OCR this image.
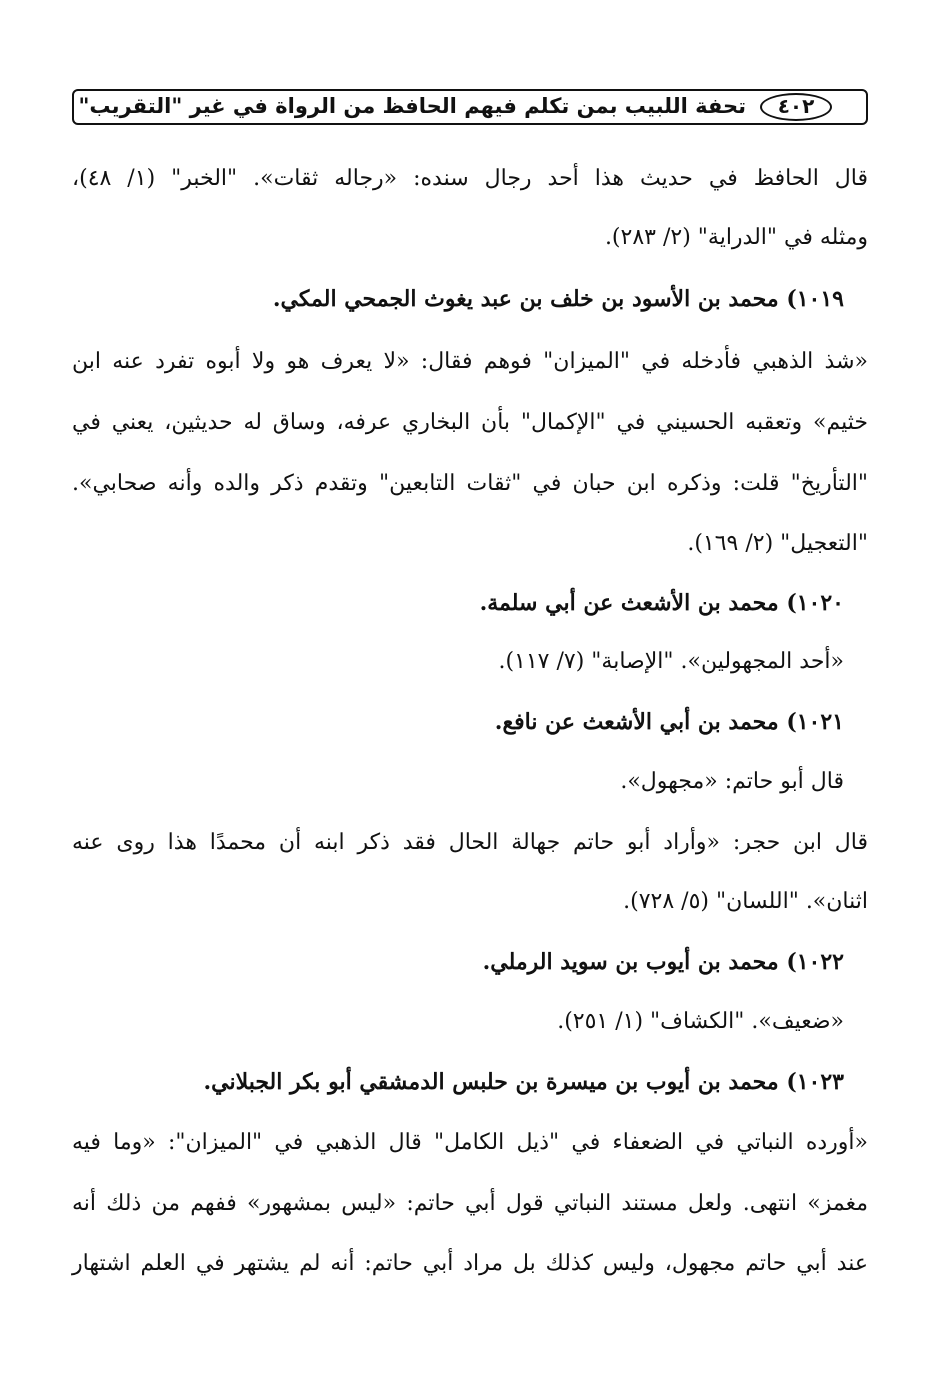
تحفة اللبيب بمن تكلم فيهم الحافظ من الرواة في غير "التقريب"	٤٠٢
قال الحافظ في حديث هذا أحد رجال سنده: «رجاله ثقات». "الخبر" (١/ ٤٨)،
ومثله في "الدراية" (٢/ ٢٨٣).
١٠١٩) محمد بن الأسود بن خلف بن عبد يغوث الجمحي المكي.
«شذ الذهبي فأدخله في "الميزان" فوهم فقال: «لا يعرف هو ولا أبوه تفرد عنه ابن
خثيم» وتعقبه الحسيني في "الإكمال" بأن البخاري عرفه، وساق له حديثين، يعني في
"التأريخ" قلت: وذكره ابن حبان في "ثقات التابعين" وتقدم ذكر والده وأنه صحابي».
"التعجيل" (٢/ ١٦٩).
١٠٢٠) محمد بن الأشعث عن أبي سلمة.
«أحد المجهولين». "الإصابة" (٧/ ١١٧).
١٠٢١) محمد بن أبي الأشعث عن نافع.
قال أبو حاتم: «مجهول».
قال ابن حجر: «وأراد أبو حاتم جهالة الحال فقد ذكر ابنه أن محمدًا هذا روى عنه
اثنان». "اللسان" (٥/ ٧٢٨).
١٠٢٢) محمد بن أيوب بن سويد الرملي.
«ضعيف». "الكشاف" (١/ ٢٥١).
١٠٢٣) محمد بن أيوب بن ميسرة بن حلبس الدمشقي أبو بكر الجبلاني.
«أورده النباتي في الضعفاء في "ذيل الكامل" قال الذهبي في "الميزان": «وما فيه
مغمز» انتهى. ولعل مستند النباتي قول أبي حاتم: «ليس بمشهور» ففهم من ذلك أنه
عند أبي حاتم مجهول، وليس كذلك بل مراد أبي حاتم: أنه لم يشتهر في العلم اشتهار
